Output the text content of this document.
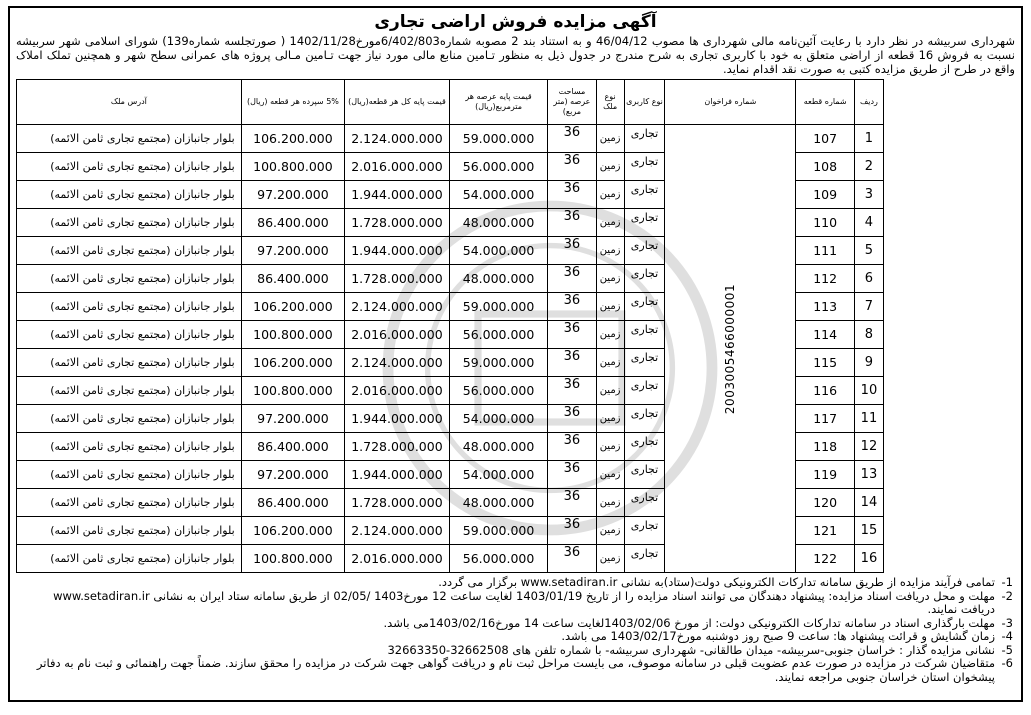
آگهی مزایده فروش اراضی تجاری
شهرداری سربیشه در نظر دارد با رعایت آئین‌نامه مالی شهرداری ها مصوب 46/04/12 و به استناد بند 2 مصوبه شماره6/402/803مورخ1402/11/28 ( صورتجلسه شماره139) شورای اسلامی شهر سربیشه نسبت به فروش 16 قطعه از اراضی متعلق به خود با کاربری تجاری به شرح مندرج در جدول ذیل به منظور تـامین منابع مالی مورد نیاز جهت تـامین مـالی پروژه های عمرانی سطح شهر و همچنین تملک املاک واقع در طرح از طریق مزایده کتبی به صورت نقد اقدام نماید.
ردیف	شماره قطعه	شماره فراخوان	نوع کاربری	نوع ملک	مساحت عرصه (متر مربع)	قیمت پایه عرصه هر مترمربع(ریال)	قیمت پایه کل هر قطعه(ریال)	5% سپرده هر قطعه (ریال)	آدرس ملک
1	107	2003005466000001	تجاری	زمین	36	59.000.000	2.124.000.000	106.200.000	بلوار جانبازان (مجتمع تجاری ثامن الائمه)
2	108		تجاری	زمین	36	56.000.000	2.016.000.000	100.800.000	بلوار جانبازان (مجتمع تجاری ثامن الائمه)
3	109		تجاری	زمین	36	54.000.000	1.944.000.000	97.200.000	بلوار جانبازان (مجتمع تجاری ثامن الائمه)
4	110		تجاری	زمین	36	48.000.000	1.728.000.000	86.400.000	بلوار جانبازان (مجتمع تجاری ثامن الائمه)
5	111		تجاری	زمین	36	54.000.000	1.944.000.000	97.200.000	بلوار جانبازان (مجتمع تجاری ثامن الائمه)
6	112		تجاری	زمین	36	48.000.000	1.728.000.000	86.400.000	بلوار جانبازان (مجتمع تجاری ثامن الائمه)
7	113		تجاری	زمین	36	59.000.000	2.124.000.000	106.200.000	بلوار جانبازان (مجتمع تجاری ثامن الائمه)
8	114		تجاری	زمین	36	56.000.000	2.016.000.000	100.800.000	بلوار جانبازان (مجتمع تجاری ثامن الائمه)
9	115		تجاری	زمین	36	59.000.000	2.124.000.000	106.200.000	بلوار جانبازان (مجتمع تجاری ثامن الائمه)
10	116		تجاری	زمین	36	56.000.000	2.016.000.000	100.800.000	بلوار جانبازان (مجتمع تجاری ثامن الائمه)
11	117		تجاری	زمین	36	54.000.000	1.944.000.000	97.200.000	بلوار جانبازان (مجتمع تجاری ثامن الائمه)
12	118		تجاری	زمین	36	48.000.000	1.728.000.000	86.400.000	بلوار جانبازان (مجتمع تجاری ثامن الائمه)
13	119		تجاری	زمین	36	54.000.000	1.944.000.000	97.200.000	بلوار جانبازان (مجتمع تجاری ثامن الائمه)
14	120		تجاری	زمین	36	48.000.000	1.728.000.000	86.400.000	بلوار جانبازان (مجتمع تجاری ثامن الائمه)
15	121		تجاری	زمین	36	59.000.000	2.124.000.000	106.200.000	بلوار جانبازان (مجتمع تجاری ثامن الائمه)
16	122		تجاری	زمین	36	56.000.000	2.016.000.000	100.800.000	بلوار جانبازان (مجتمع تجاری ثامن الائمه)
1-
تمامی فرآیند مزایده از طریق سامانه تدارکات الکترونیکی دولت(ستاد)به نشانی www.setadiran.ir برگزار می گردد.
2-
مهلت و محل دریافت اسناد مزایده: پیشنهاد دهندگان می توانند اسناد مزایده را از تاریخ 1403/01/19 لغایت ساعت 12 مورخ1403 /02/05 از طریق سامانه ستاد ایران به نشانی www.setadiran.ir دریافت نمایند.
3-
مهلت بارگذاری اسناد در سامانه تدارکات الکترونیکی دولت: از مورخ 1403/02/06لغایت ساعت 14 مورخ1403/02/16می باشد.
4-
زمان گشایش و قرائت پیشنهاد ها: ساعت 9 صبح روز دوشنبه مورخ1403/02/17 می باشد.
5-
نشانی مزایده گذار : خراسان جنوبی-سربیشه- میدان طالقانی- شهرداری سربیشه- با شماره تلفن های 32662508-32663350
6-
متقاضیان شرکت در مزایده در صورت عدم عضویت قبلی در سامانه موصوف، می بایست مراحل ثبت نام و دریافت گواهی جهت شرکت در مزایده را محقق سازند. ضمناً جهت راهنمائی و ثبت نام به دفاتر پیشخوان استان خراسان جنوبی مراجعه نمایند.
